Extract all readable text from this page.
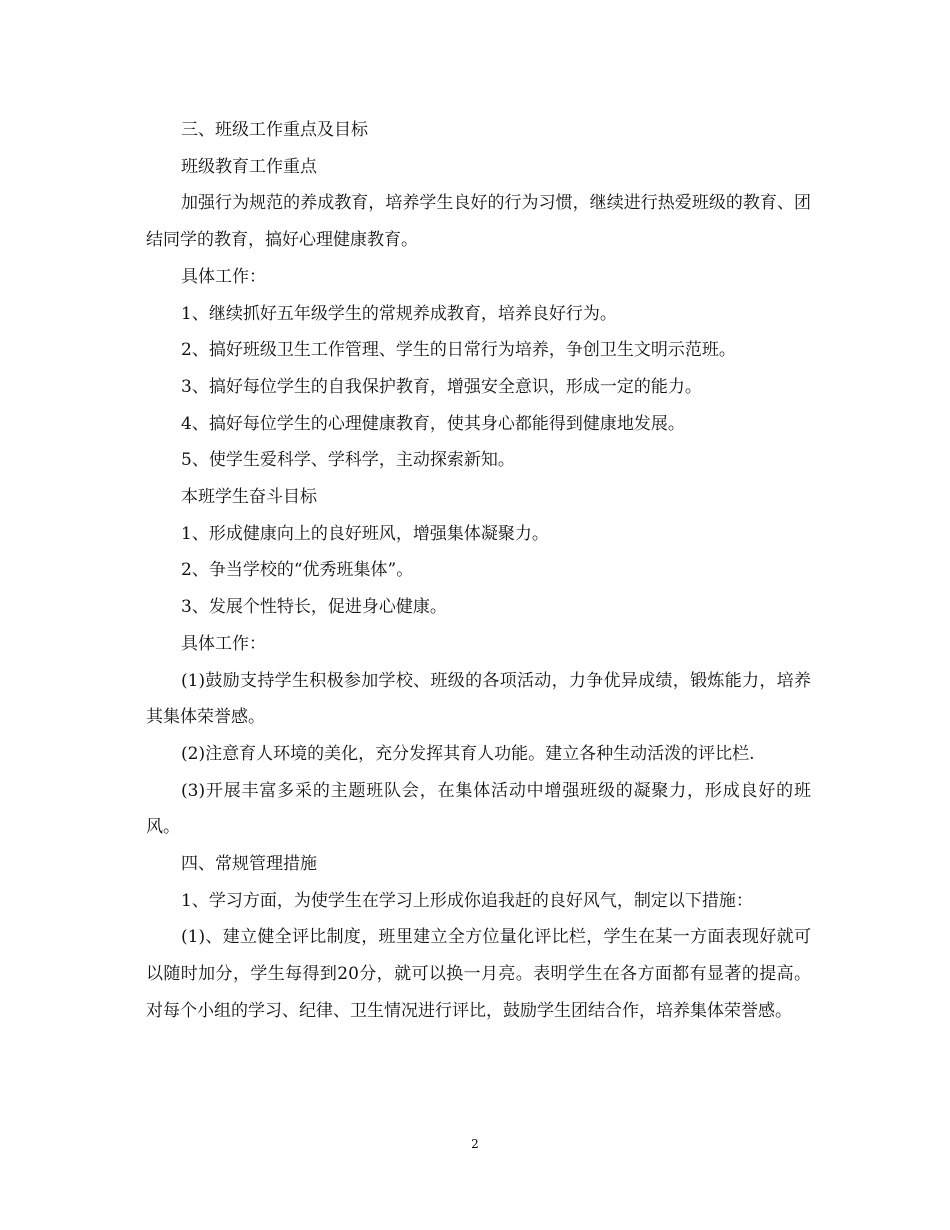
三、班级工作重点及目标

班级教育工作重点

加强行为规范的养成教育，培养学生良好的行为习惯，继续进行热爱班级的教育、团结同学的教育，搞好心理健康教育。

具体工作：

1、继续抓好五年级学生的常规养成教育，培养良好行为。

2、搞好班级卫生工作管理、学生的日常行为培养，争创卫生文明示范班。

3、搞好每位学生的自我保护教育，增强安全意识，形成一定的能力。

4、搞好每位学生的心理健康教育，使其身心都能得到健康地发展。

5、使学生爱科学、学科学，主动探索新知。

本班学生奋斗目标

1、形成健康向上的良好班风，增强集体凝聚力。

2、争当学校的“优秀班集体”。

3、发展个性特长，促进身心健康。

具体工作：

(1)鼓励支持学生积极参加学校、班级的各项活动，力争优异成绩，锻炼能力，培养其集体荣誉感。

(2)注意育人环境的美化，充分发挥其育人功能。建立各种生动活泼的评比栏.

(3)开展丰富多采的主题班队会，在集体活动中增强班级的凝聚力，形成良好的班风。

四、常规管理措施

1、学习方面，为使学生在学习上形成你追我赶的良好风气，制定以下措施：

(1)、建立健全评比制度，班里建立全方位量化评比栏，学生在某一方面表现好就可以随时加分，学生每得到20分，就可以换一月亮。表明学生在各方面都有显著的提高。对每个小组的学习、纪律、卫生情况进行评比，鼓励学生团结合作，培养集体荣誉感。

2
